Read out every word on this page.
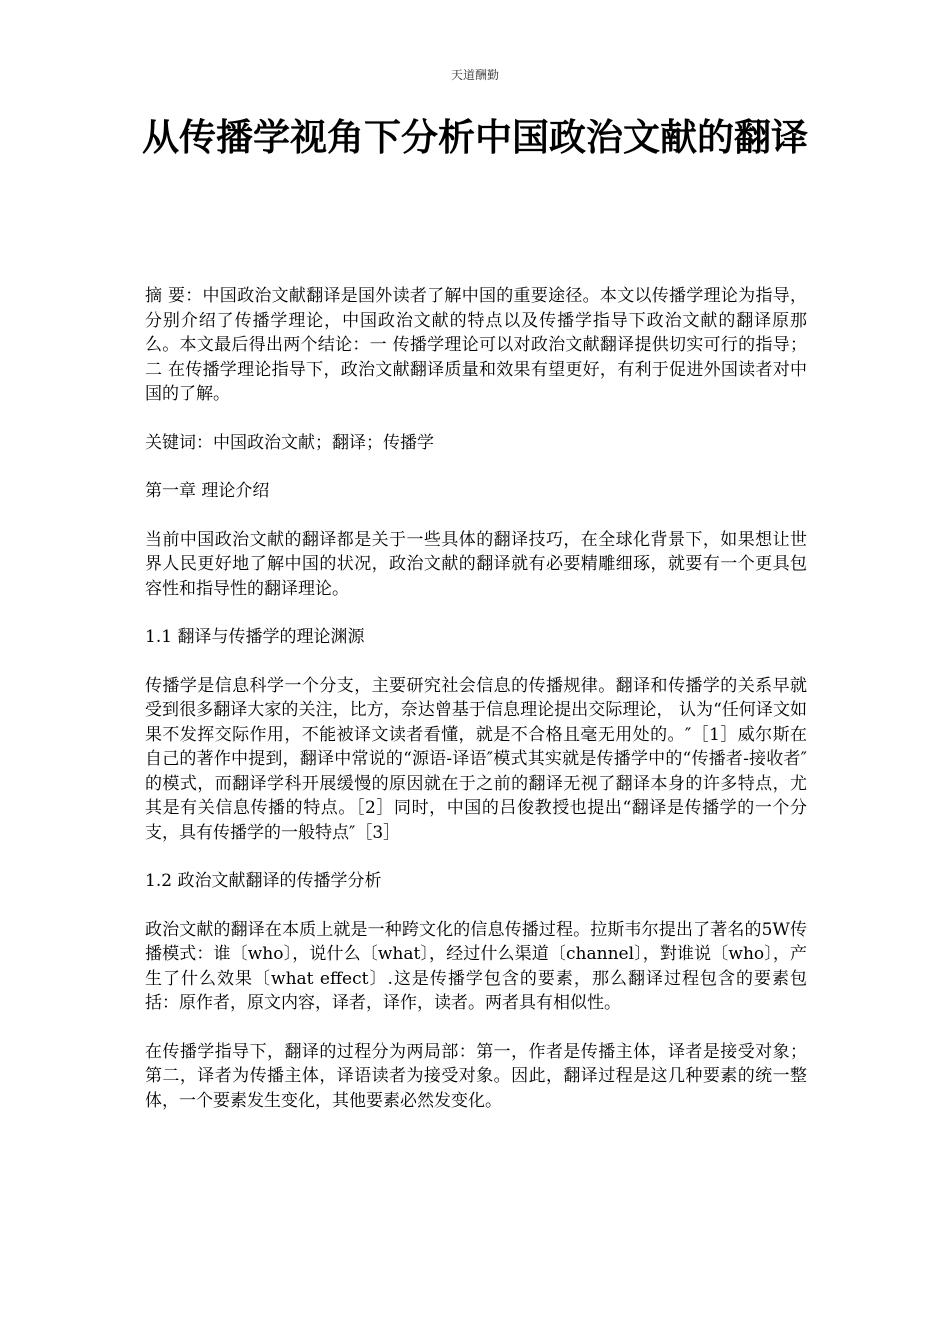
天道酬勤
从传播学视角下分析中国政治文献的翻译

摘 要：中国政治文献翻译是国外读者了解中国的重要途径。本文以传播学理论为指导，分别介绍了传播学理论，中国政治文献的特点以及传播学指导下政治文献的翻译原那么。本文最后得出两个结论：一 传播学理论可以对政治文献翻译提供切实可行的指导；二 在传播学理论指导下，政治文献翻译质量和效果有望更好，有利于促进外国读者对中国的了解。

关键词：中国政治文献；翻译；传播学

第一章 理论介绍

当前中国政治文献的翻译都是关于一些具体的翻译技巧，在全球化背景下，如果想让世界人民更好地了解中国的状况，政治文献的翻译就有必要精雕细琢，就要有一个更具包容性和指导性的翻译理论。

1.1 翻译与传播学的理论渊源

传播学是信息科学一个分支，主要研究社会信息的传播规律。翻译和传播学的关系早就受到很多翻译大家的关注，比方，奈达曾基于信息理论提出交际理论， 认为“任何译文如果不发挥交际作用，不能被译文读者看懂，就是不合格且毫无用处的。″［1］威尔斯在自己的著作中提到，翻译中常说的“源语-译语″模式其实就是传播学中的“传播者-接收者″的模式，而翻译学科开展缓慢的原因就在于之前的翻译无视了翻译本身的许多特点，尤其是有关信息传播的特点。［2］同时，中国的吕俊教授也提出“翻译是传播学的一个分支，具有传播学的一般特点″［3］

1.2 政治文献翻译的传播学分析

政治文献的翻译在本质上就是一种跨文化的信息传播过程。拉斯韦尔提出了著名的5W传播模式：谁〔who〕，说什么〔what〕，经过什么渠道〔channel〕，對谁说〔who〕，产生了什么效果〔what effect〕.这是传播学包含的要素，那么翻译过程包含的要素包括：原作者，原文内容，译者，译作，读者。两者具有相似性。

在传播学指导下，翻译的过程分为两局部：第一，作者是传播主体，译者是接受对象；第二，译者为传播主体，译语读者为接受对象。因此，翻译过程是这几种要素的统一整体，一个要素发生变化，其他要素必然发变化。
